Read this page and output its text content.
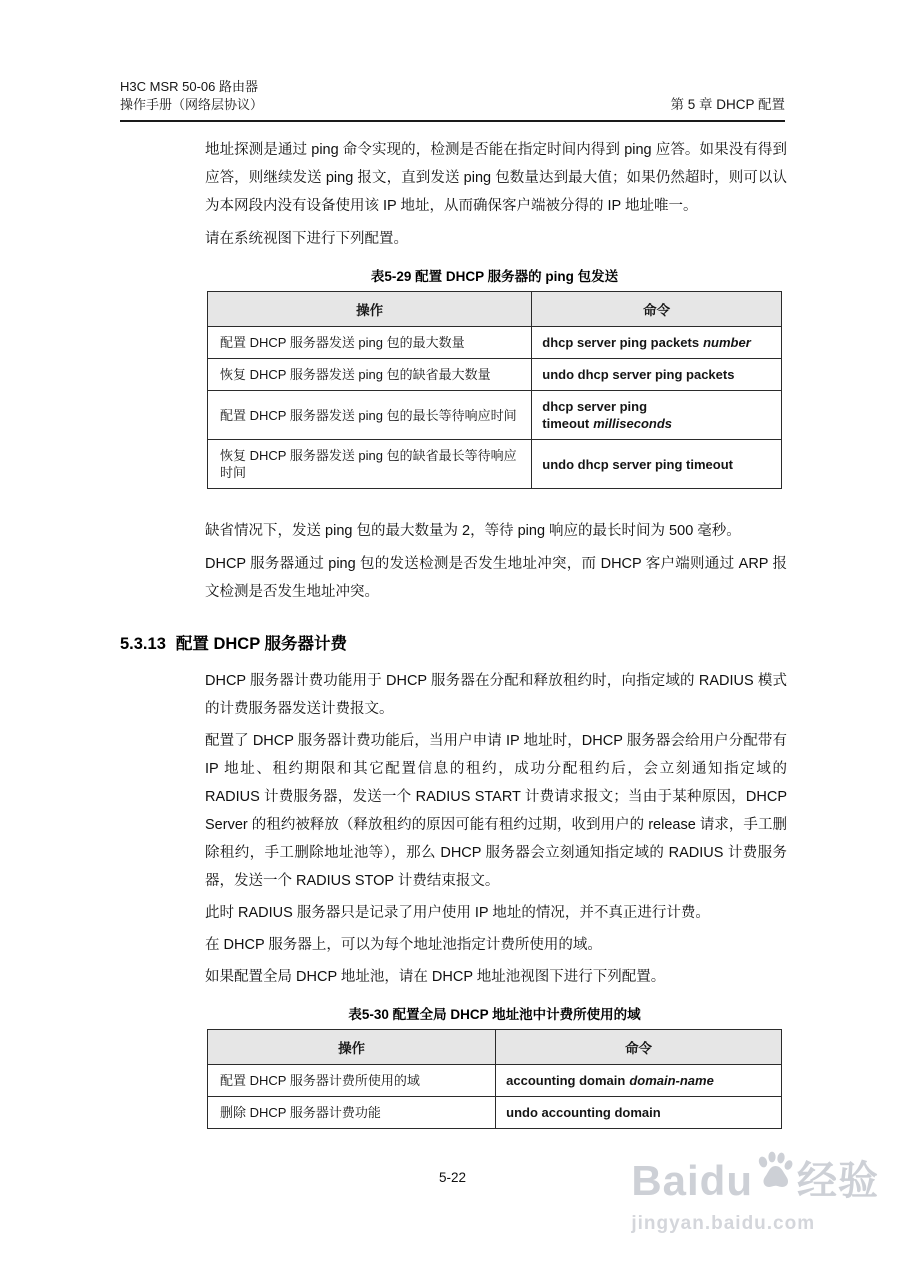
H3C MSR 50-06 路由器
操作手册（网络层协议）	第 5 章 DHCP 配置

地址探测是通过 ping 命令实现的，检测是否能在指定时间内得到 ping 应答。如果没有得到应答，则继续发送 ping 报文，直到发送 ping 包数量达到最大值；如果仍然超时，则可以认为本网段内没有设备使用该 IP 地址，从而确保客户端被分得的 IP 地址唯一。

请在系统视图下进行下列配置。

表5-29 配置 DHCP 服务器的 ping 包发送
操作	命令
配置 DHCP 服务器发送 ping 包的最大数量	dhcp server ping packets number
恢复 DHCP 服务器发送 ping 包的缺省最大数量	undo dhcp server ping packets
配置 DHCP 服务器发送 ping 包的最长等待响应时间	dhcp server ping timeout milliseconds
恢复 DHCP 服务器发送 ping 包的缺省最长等待响应时间	undo dhcp server ping timeout

缺省情况下，发送 ping 包的最大数量为 2，等待 ping 响应的最长时间为 500 毫秒。

DHCP 服务器通过 ping 包的发送检测是否发生地址冲突，而 DHCP 客户端则通过 ARP 报文检测是否发生地址冲突。

5.3.13 配置 DHCP 服务器计费

DHCP 服务器计费功能用于 DHCP 服务器在分配和释放租约时，向指定域的 RADIUS 模式的计费服务器发送计费报文。

配置了 DHCP 服务器计费功能后，当用户申请 IP 地址时，DHCP 服务器会给用户分配带有 IP 地址、租约期限和其它配置信息的租约，成功分配租约后，会立刻通知指定域的 RADIUS 计费服务器，发送一个 RADIUS START 计费请求报文；当由于某种原因，DHCP Server 的租约被释放（释放租约的原因可能有租约过期，收到用户的 release 请求，手工删除租约，手工删除地址池等），那么 DHCP 服务器会立刻通知指定域的 RADIUS 计费服务器，发送一个 RADIUS STOP 计费结束报文。

此时 RADIUS 服务器只是记录了用户使用 IP 地址的情况，并不真正进行计费。

在 DHCP 服务器上，可以为每个地址池指定计费所使用的域。

如果配置全局 DHCP 地址池，请在 DHCP 地址池视图下进行下列配置。

表5-30 配置全局 DHCP 地址池中计费所使用的域
操作	命令
配置 DHCP 服务器计费所使用的域	accounting domain domain-name
删除 DHCP 服务器计费功能	undo accounting domain
5-22	Baidu 经验
jingyan.baidu.com
